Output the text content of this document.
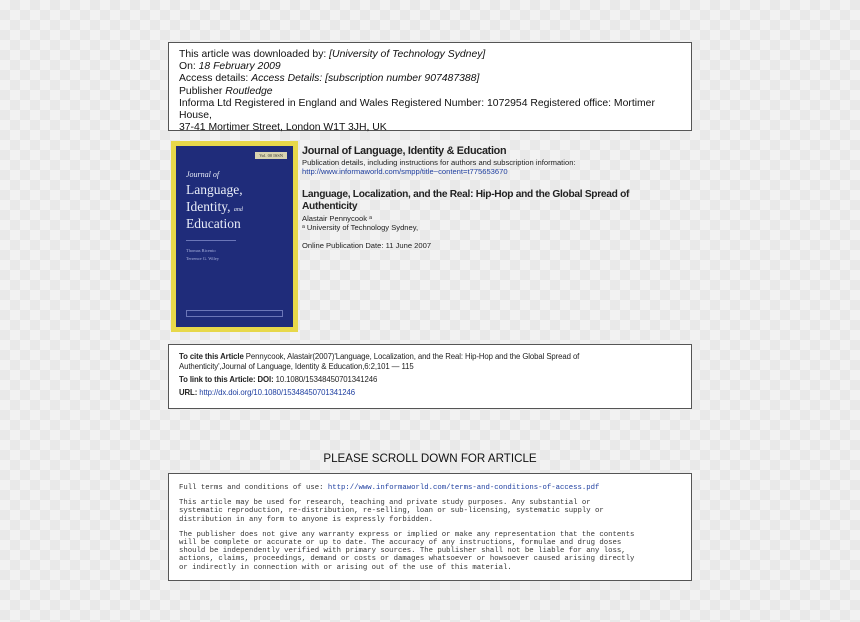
This article was downloaded by: [University of Technology Sydney]
On: 18 February 2009
Access details: Access Details: [subscription number 907487388]
Publisher Routledge
Informa Ltd Registered in England and Wales Registered Number: 1072954 Registered office: Mortimer House,
37-41 Mortimer Street, London W1T 3JH, UK
Vol. 00 ISSN
Journal of
Language,
Identity, and
Education
Thomas Ricento
Terrence G. Wiley
Journal of Language, Identity & Education
Publication details, including instructions for authors and subscription information:
http://www.informaworld.com/smpp/title~content=t775653670
Language, Localization, and the Real: Hip-Hop and the Global Spread of
Authenticity
Alastair Pennycook ᵃ
ᵃ University of Technology Sydney,
Online Publication Date: 11 June 2007
To cite this Article Pennycook, Alastair(2007)'Language, Localization, and the Real: Hip-Hop and the Global Spread of
Authenticity',Journal of Language, Identity & Education,6:2,101 — 115
To link to this Article: DOI: 10.1080/15348450701341246
URL: http://dx.doi.org/10.1080/15348450701341246
PLEASE SCROLL DOWN FOR ARTICLE
Full terms and conditions of use: http://www.informaworld.com/terms-and-conditions-of-access.pdf
This article may be used for research, teaching and private study purposes. Any substantial or
systematic reproduction, re-distribution, re-selling, loan or sub-licensing, systematic supply or
distribution in any form to anyone is expressly forbidden.
The publisher does not give any warranty express or implied or make any representation that the contents
will be complete or accurate or up to date. The accuracy of any instructions, formulae and drug doses
should be independently verified with primary sources. The publisher shall not be liable for any loss,
actions, claims, proceedings, demand or costs or damages whatsoever or howsoever caused arising directly
or indirectly in connection with or arising out of the use of this material.
